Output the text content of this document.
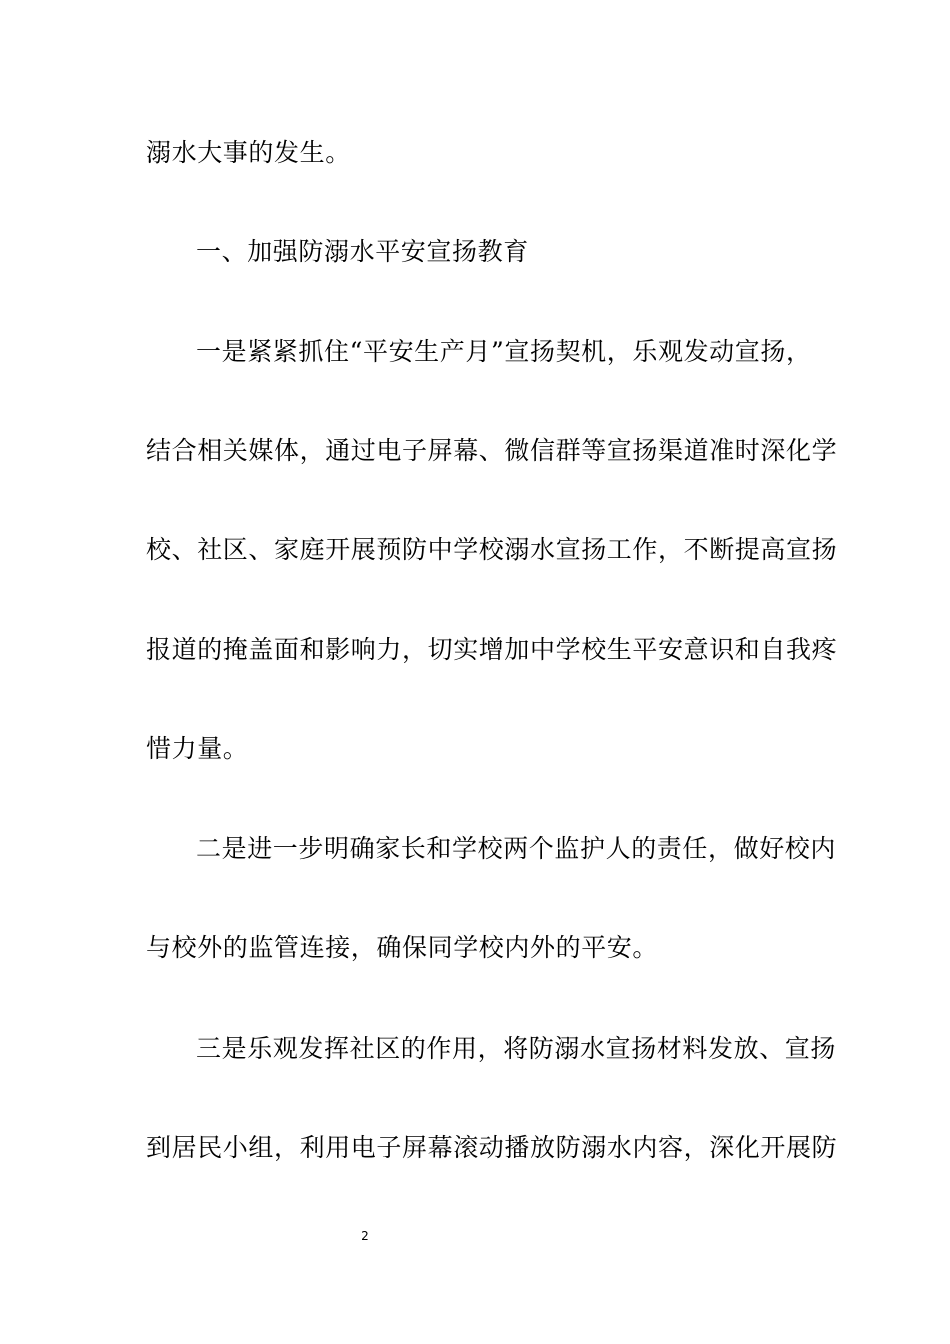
溺水大事的发生。
一、加强防溺水平安宣扬教育
一是紧紧抓住“平安生产月”宣扬契机，乐观发动宣扬，
结合相关媒体，通过电子屏幕、微信群等宣扬渠道准时深化学
校、社区、家庭开展预防中学校溺水宣扬工作，不断提高宣扬
报道的掩盖面和影响力，切实增加中学校生平安意识和自我疼
惜力量。
二是进一步明确家长和学校两个监护人的责任，做好校内
与校外的监管连接，确保同学校内外的平安。
三是乐观发挥社区的作用，将防溺水宣扬材料发放、宣扬
到居民小组，利用电子屏幕滚动播放防溺水内容，深化开展防
2
